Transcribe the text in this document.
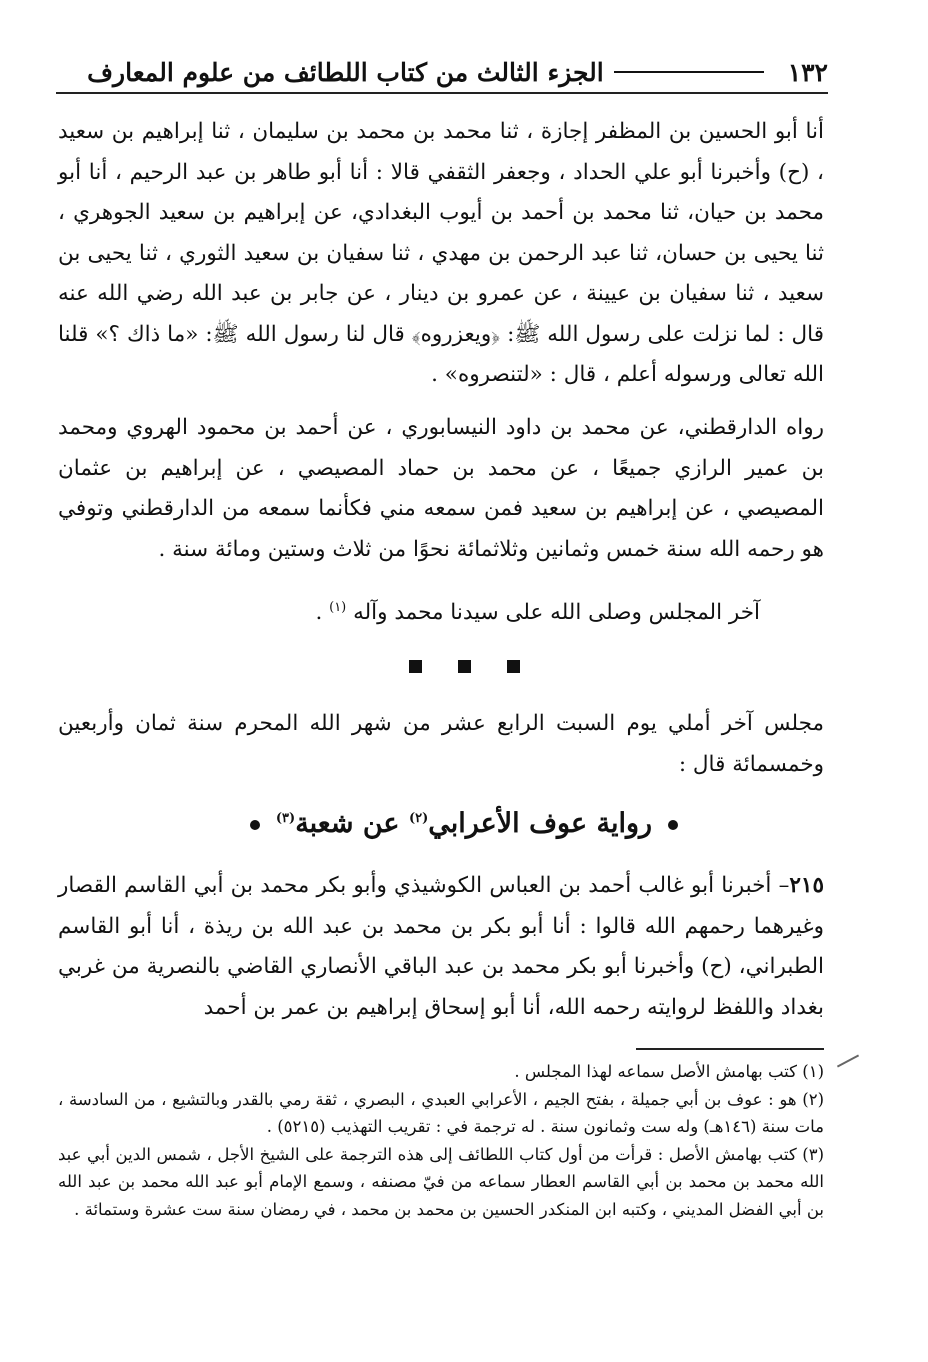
١٣٢
الجزء الثالث من كتاب اللطائف من علوم المعارف

أنا أبو الحسين بن المظفر إجازة ، ثنا محمد بن محمد بن سليمان ، ثنا إبراهيم بن سعيد ، (ح) وأخبرنا أبو علي الحداد ، وجعفر الثقفي قالا : أنا أبو طاهر بن عبد الرحيم ، أنا أبو محمد بن حيان، ثنا محمد بن أحمد بن أيوب البغدادي، عن إبراهيم بن سعيد الجوهري ، ثنا يحيى بن حسان، ثنا عبد الرحمن بن مهدي ، ثنا سفيان بن سعيد الثوري ، ثنا يحيى بن سعيد ، ثنا سفيان بن عيينة ، عن عمرو بن دينار ، عن جابر بن عبد الله رضي الله عنه قال : لما نزلت على رسول الله ﷺ: ﴿ويعزروه﴾ قال لنا رسول الله ﷺ: «ما ذاك ؟» قلنا الله تعالى ورسوله أعلم ، قال : «لتنصروه» .

رواه الدارقطني، عن محمد بن داود النيسابوري ، عن أحمد بن محمود الهروي ومحمد بن عمير الرازي جميعًا ، عن محمد بن حماد المصيصي ، عن إبراهيم بن عثمان المصيصي ، عن إبراهيم بن سعيد فمن سمعه مني فكأنما سمعه من الدارقطني وتوفي هو رحمه الله سنة خمس وثمانين وثلاثمائة نحوًا من ثلاث وستين ومائة سنة .

آخر المجلس وصلى الله على سيدنا محمد وآله $^{(١)}$ .

مجلس آخر أملي يوم السبت الرابع عشر من شهر الله المحرم سنة ثمان وأربعين وخمسمائة قال :

رواية عوف الأعرابي$^{(٢)}$ عن شعبة$^{(٣)}$

٢١٥– أخبرنا أبو غالب أحمد بن العباس الكوشيذي وأبو بكر محمد بن أبي القاسم القصار وغيرهما رحمهم الله قالوا : أنا أبو بكر بن محمد بن عبد الله بن ريذة ، أنا أبو القاسم الطبراني، (ح) وأخبرنا أبو بكر محمد بن عبد الباقي الأنصاري القاضي بالنصرية من غربي بغداد واللفظ لروايته رحمه الله، أنا أبو إسحاق إبراهيم بن عمر بن أحمد

(١) كتب بهامش الأصل سماعه لهذا المجلس .

(٢) هو : عوف بن أبي جميلة ، بفتح الجيم ، الأعرابي العبدي ، البصري ، ثقة رمي بالقدر وبالتشيع ، من السادسة ، مات سنة (١٤٦هـ) وله ست وثمانون سنة . له ترجمة في : تقريب التهذيب (٥٢١٥) .

(٣) كتب بهامش الأصل : قرأت من أول كتاب اللطائف إلى هذه الترجمة على الشيخ الأجل ، شمس الدين أبي عبد الله محمد بن محمد بن أبي القاسم العطار سماعه من فيّ مصنفه ، وسمع الإمام أبو عبد الله محمد بن عبد الله بن أبي الفضل المديني ، وكتبه ابن المنكدر الحسين بن محمد بن محمد ، في رمضان سنة ست عشرة وستمائة .
